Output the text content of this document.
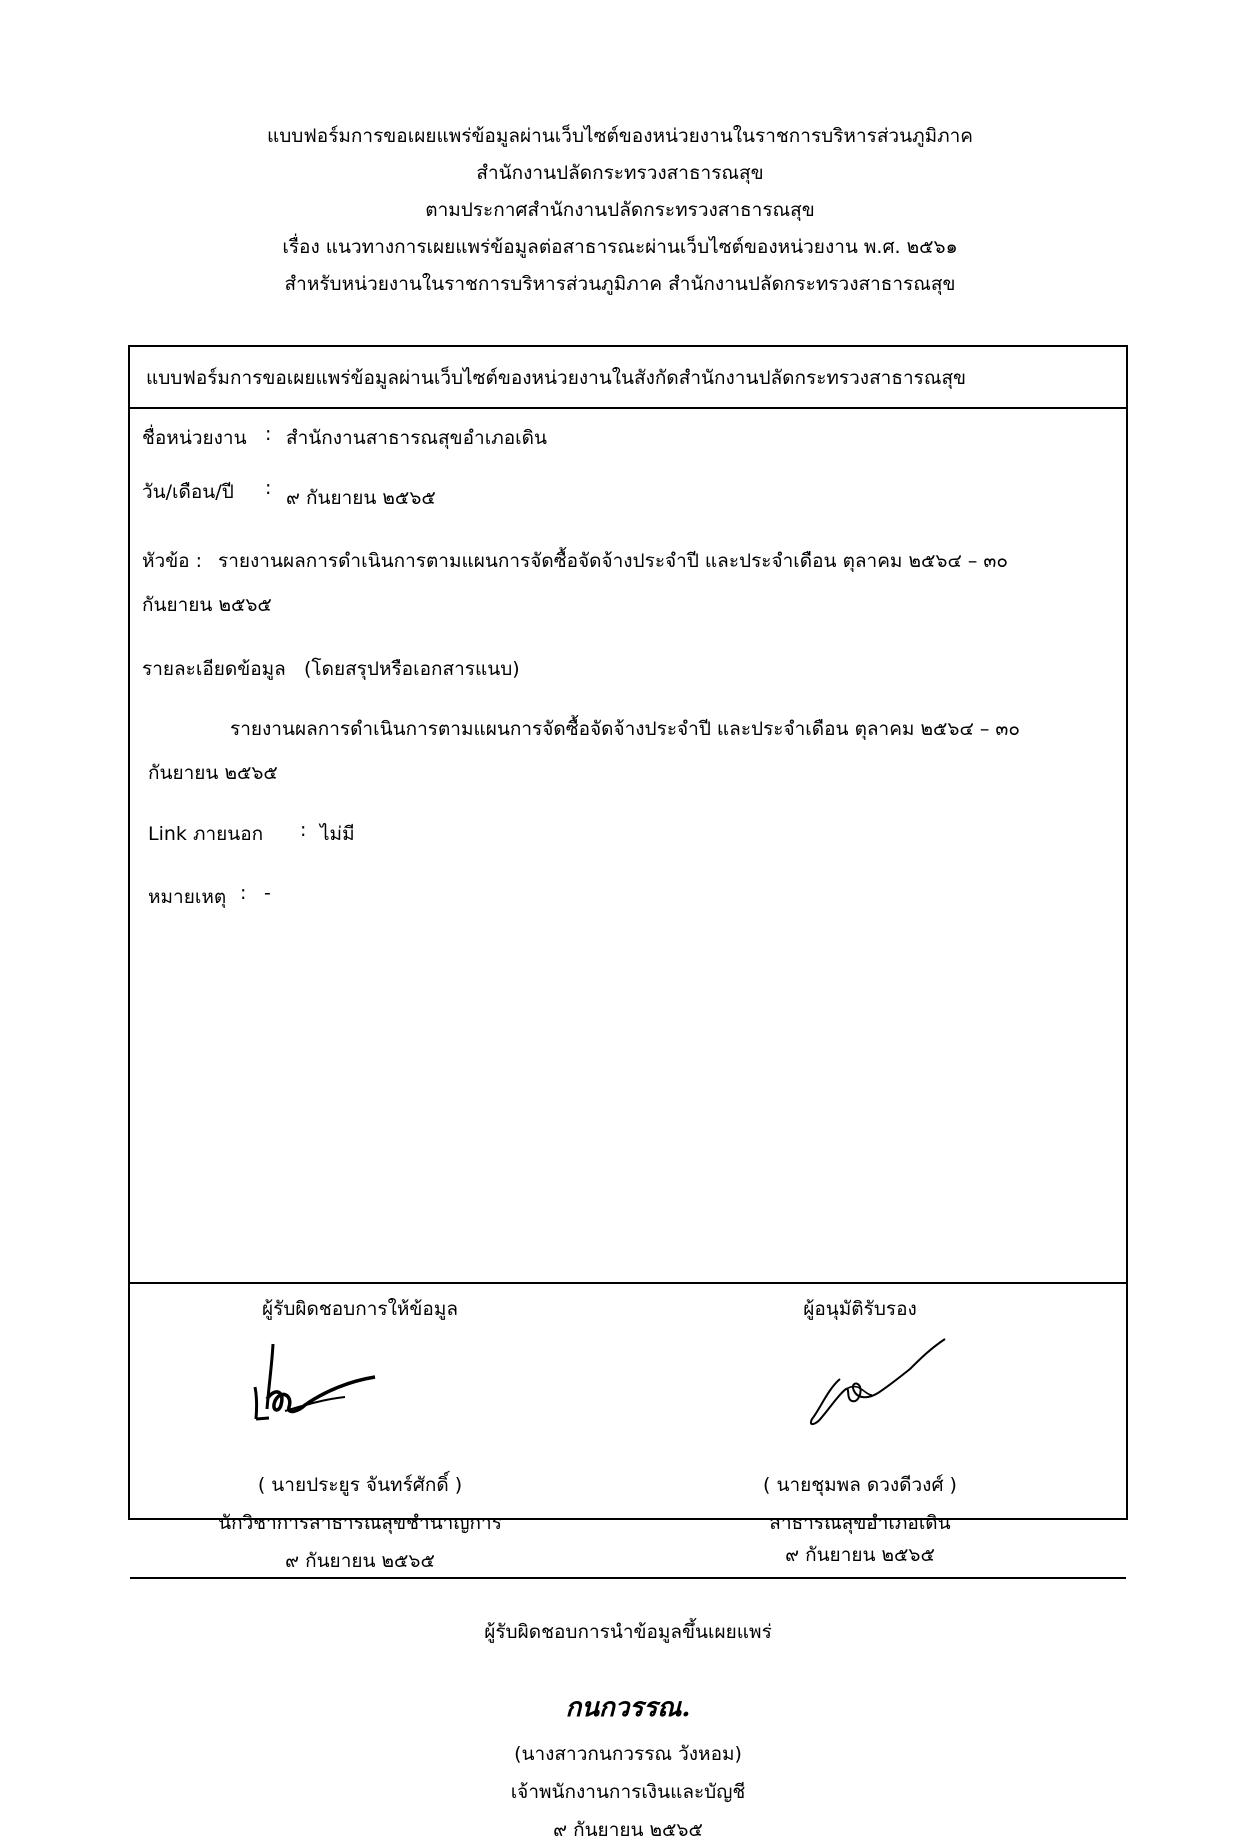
แบบฟอร์มการขอเผยแพร่ข้อมูลผ่านเว็บไซต์ของหน่วยงานในราชการบริหารส่วนภูมิภาค
สำนักงานปลัดกระทรวงสาธารณสุข
ตามประกาศสำนักงานปลัดกระทรวงสาธารณสุข
เรื่อง แนวทางการเผยแพร่ข้อมูลต่อสาธารณะผ่านเว็บไซต์ของหน่วยงาน พ.ศ. ๒๕๖๑
สำหรับหน่วยงานในราชการบริหารส่วนภูมิภาค สำนักงานปลัดกระทรวงสาธารณสุข
แบบฟอร์มการขอเผยแพร่ข้อมูลผ่านเว็บไซต์ของหน่วยงานในสังกัดสำนักงานปลัดกระทรวงสาธารณสุข
ชื่อหน่วยงาน : สำนักงานสาธารณสุขอำเภอเดิน
วัน/เดือน/ปี : ๙ กันยายน ๒๕๖๕
หัวข้อ : รายงานผลการดำเนินการตามแผนการจัดซื้อจัดจ้างประจำปี และประจำเดือน ตุลาคม ๒๕๖๔ – ๓๐
กันยายน ๒๕๖๕
รายละเอียดข้อมูล (โดยสรุปหรือเอกสารแนบ)
รายงานผลการดำเนินการตามแผนการจัดซื้อจัดจ้างประจำปี และประจำเดือน ตุลาคม ๒๕๖๔ – ๓๐
กันยายน ๒๕๖๕
Link ภายนอก : ไม่มี
หมายเหตุ : -
ผู้รับผิดชอบการให้ข้อมูล
( นายประยูร จันทร์ศักดิ์ )
นักวิชาการสาธารณสุขชำนาญการ
๙ กันยายน ๒๕๖๕
ผู้อนุมัติรับรอง
( นายชุมพล ดวงดีวงศ์ )
สาธารณสุขอำเภอเดิน
๙ กันยายน ๒๕๖๕
ผู้รับผิดชอบการนำข้อมูลขึ้นเผยแพร่
กนกวรรณ.
(นางสาวกนกวรรณ วังหอม)
เจ้าพนักงานการเงินและบัญชี
๙ กันยายน ๒๕๖๕
